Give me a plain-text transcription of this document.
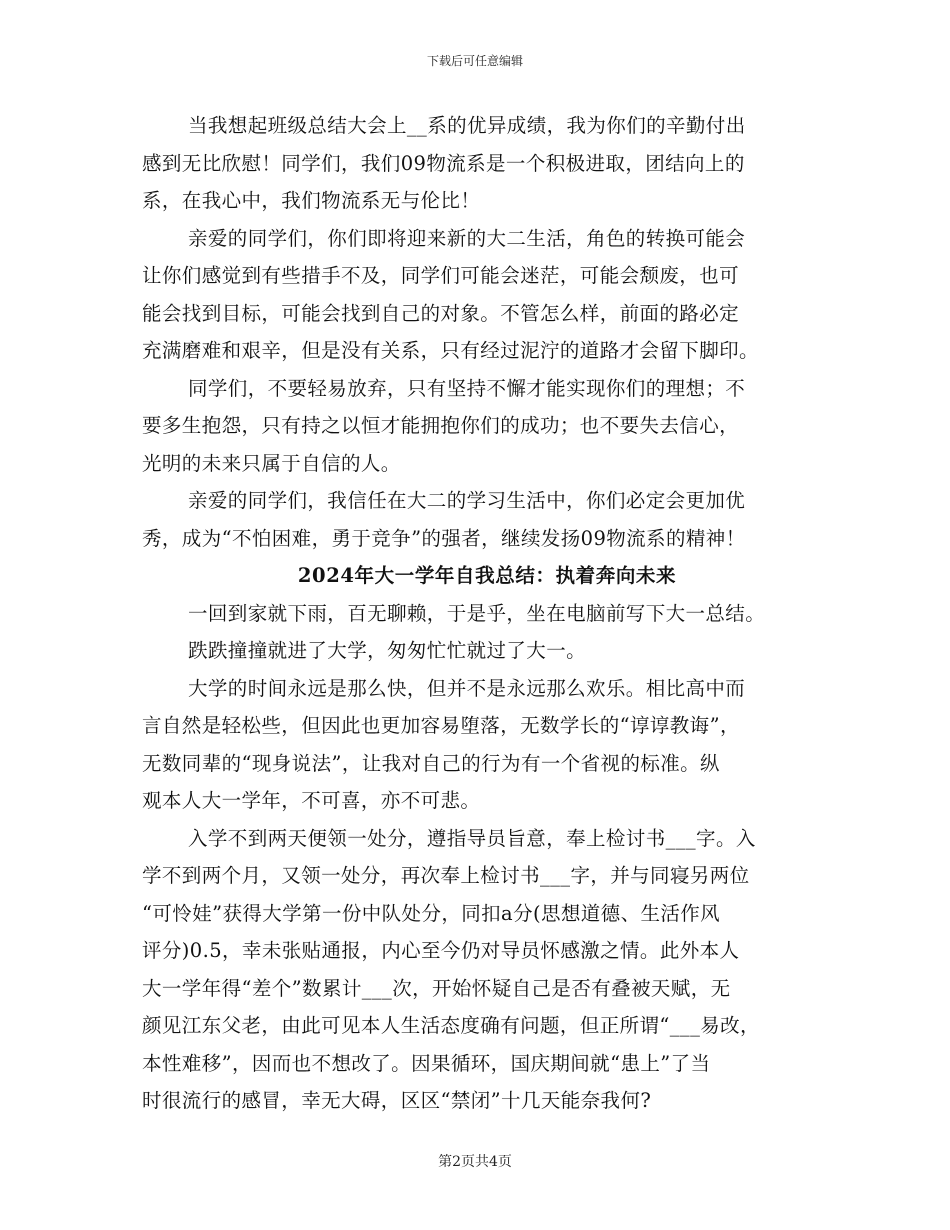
下载后可任意编辑
当我想起班级总结大会上__系的优异成绩，我为你们的辛勤付出
感到无比欣慰！同学们，我们09物流系是一个积极进取，团结向上的
系，在我心中，我们物流系无与伦比！
亲爱的同学们，你们即将迎来新的大二生活，角色的转换可能会
让你们感觉到有些措手不及，同学们可能会迷茫，可能会颓废，也可
能会找到目标，可能会找到自己的对象。不管怎么样，前面的路必定
充满磨难和艰辛，但是没有关系，只有经过泥泞的道路才会留下脚印。
同学们，不要轻易放弃，只有坚持不懈才能实现你们的理想；不
要多生抱怨，只有持之以恒才能拥抱你们的成功；也不要失去信心，
光明的未来只属于自信的人。
亲爱的同学们，我信任在大二的学习生活中，你们必定会更加优
秀，成为“不怕困难，勇于竞争”的强者，继续发扬09物流系的精神！
2024年大一学年自我总结：执着奔向未来
一回到家就下雨，百无聊赖，于是乎，坐在电脑前写下大一总结。
跌跌撞撞就进了大学，匆匆忙忙就过了大一。
大学的时间永远是那么快，但并不是永远那么欢乐。相比高中而
言自然是轻松些，但因此也更加容易堕落，无数学长的“谆谆教诲”，
无数同辈的“现身说法”，让我对自己的行为有一个省视的标准。纵
观本人大一学年，不可喜，亦不可悲。
入学不到两天便领一处分，遵指导员旨意，奉上检讨书___字。入
学不到两个月，又领一处分，再次奉上检讨书___字，并与同寝另两位
“可怜娃”获得大学第一份中队处分，同扣a分(思想道德、生活作风
评分)0.5，幸未张贴通报，内心至今仍对导员怀感激之情。此外本人
大一学年得“差个”数累计___次，开始怀疑自己是否有叠被天赋，无
颜见江东父老，由此可见本人生活态度确有问题，但正所谓“___易改，
本性难移”，因而也不想改了。因果循环，国庆期间就“患上”了当
时很流行的感冒，幸无大碍，区区“禁闭”十几天能奈我何?
第2页共4页
